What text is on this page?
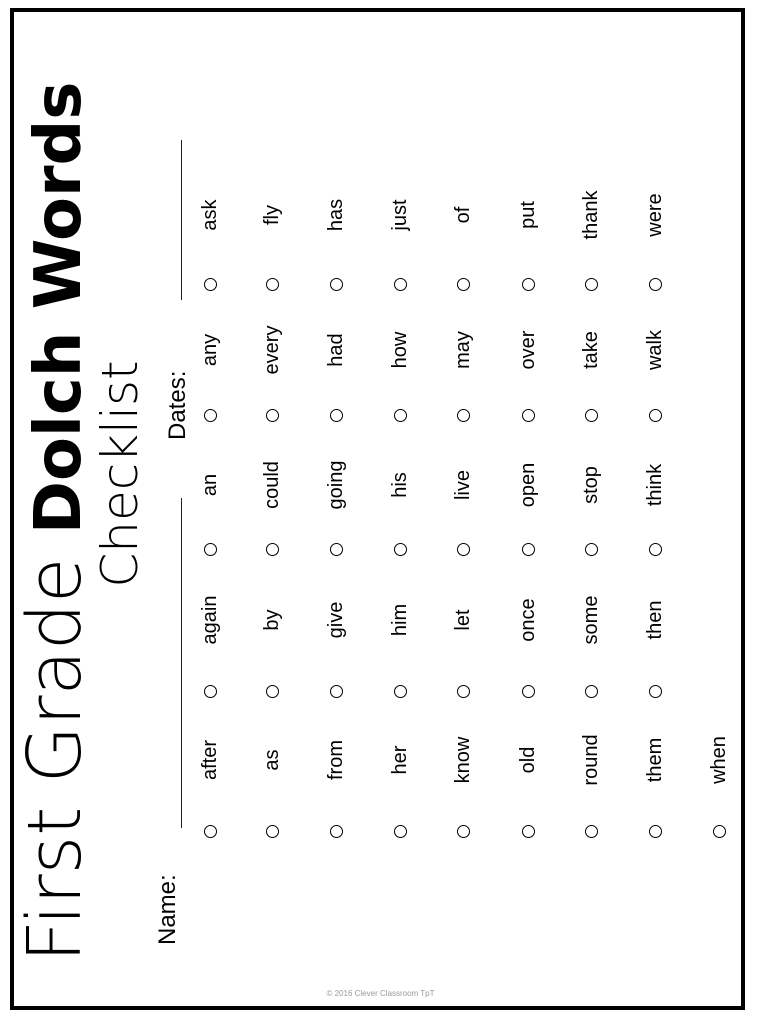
First Grade Dolch Words
Checklist
Name:
Dates:
after
again
an
any
ask
as
by
could
every
fly
from
give
going
had
has
her
him
his
how
just
know
let
live
may
of
old
once
open
over
put
round
some
stop
take
thank
them
then
think
walk
were
when
© 2016 Clever Classroom TpT
